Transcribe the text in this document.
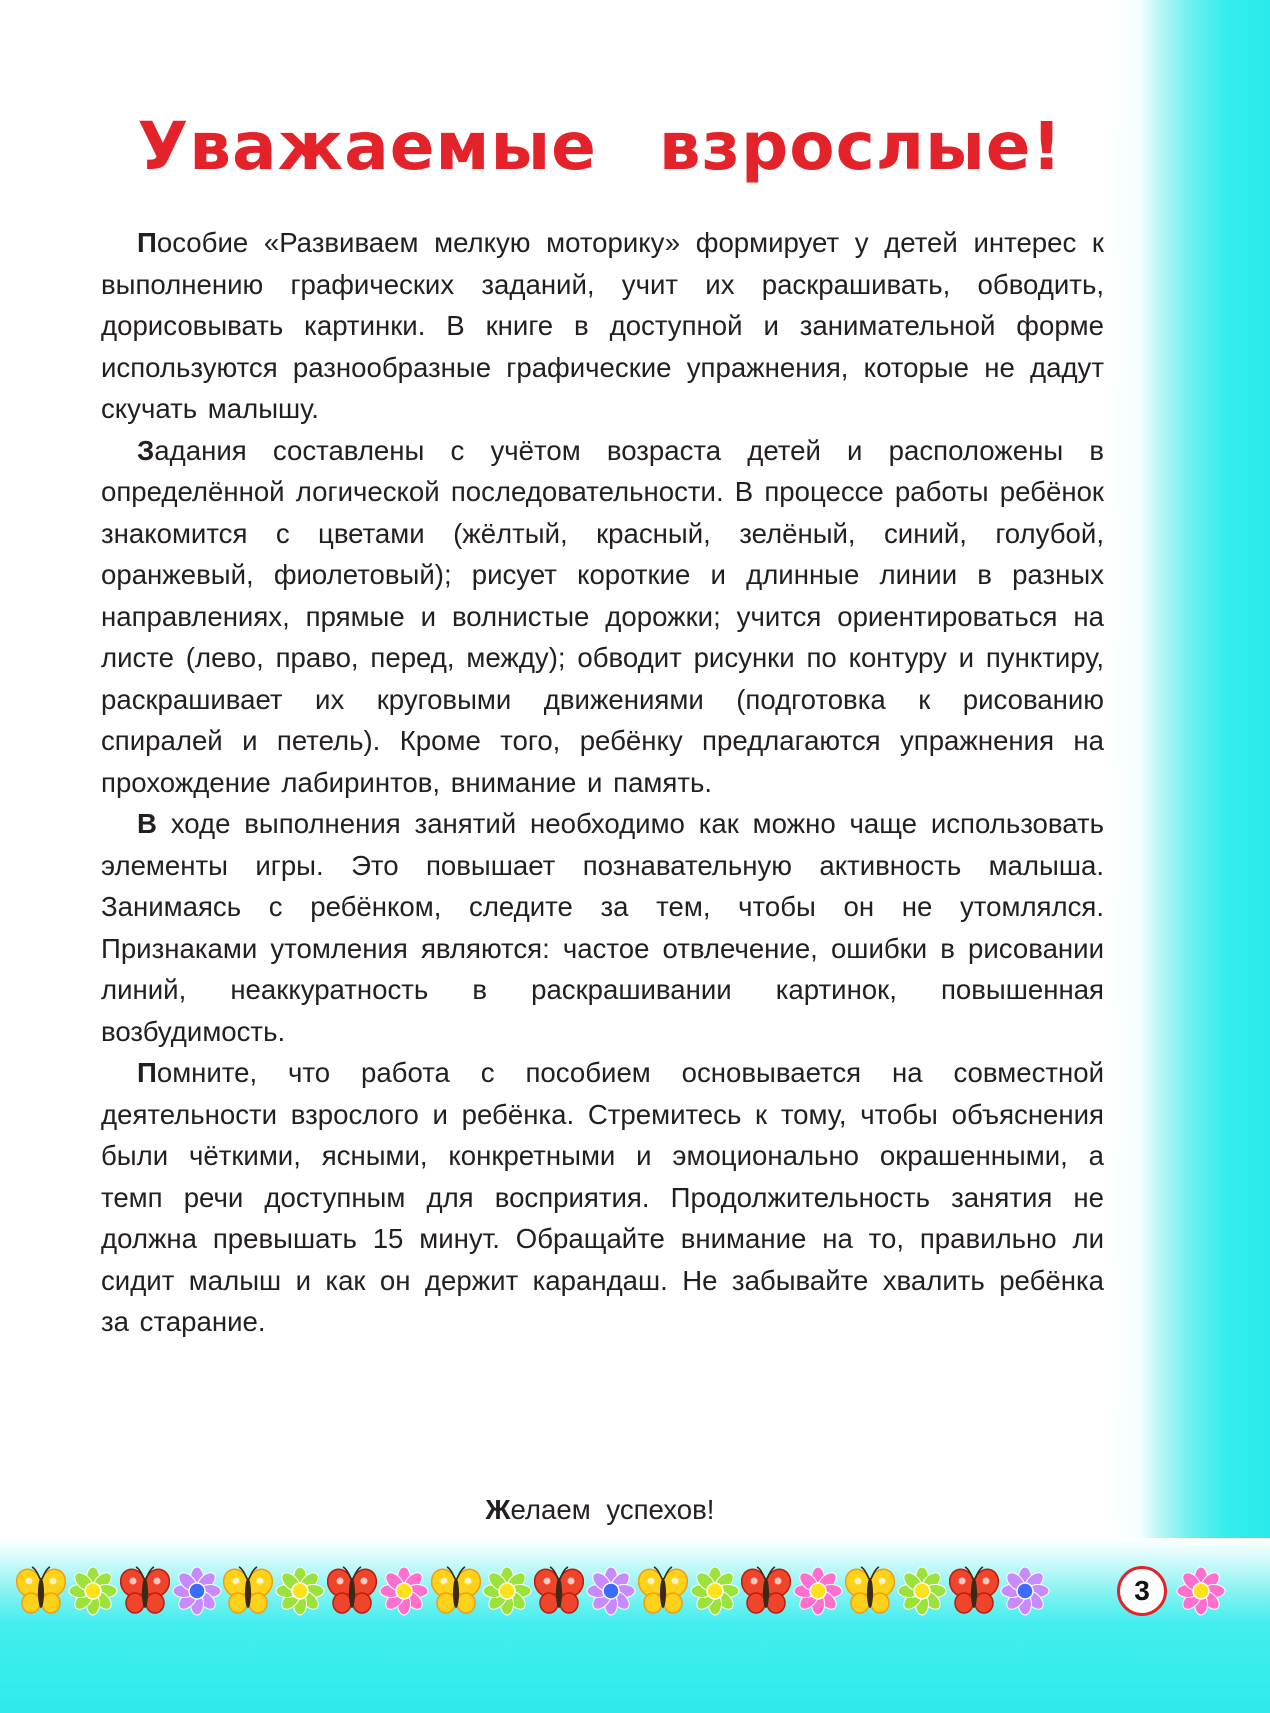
Уважаемые взрослые!

Пособие «Развиваем мелкую моторику» формирует у детей интерес к выполнению графических заданий, учит их раскрашивать, обводить, дорисовывать картинки. В книге в доступной и занимательной форме используются разнообразные графические упражнения, которые не дадут скучать малышу.

Задания составлены с учётом возраста детей и расположены в определённой логической последовательности. В процессе работы ребёнок знакомится с цветами (жёлтый, красный, зелёный, синий, голубой, оранжевый, фиолетовый); рисует короткие и длинные линии в разных направлениях, прямые и волнистые дорожки; учится ориентироваться на листе (лево, право, перед, между); обводит рисунки по контуру и пунктиру, раскрашивает их круговыми движениями (подготовка к рисованию спиралей и петель). Кроме того, ребёнку предлагаются упражнения на прохождение лабиринтов, внимание и память.

В ходе выполнения занятий необходимо как можно чаще использовать элементы игры. Это повышает познавательную активность малыша. Занимаясь с ребёнком, следите за тем, чтобы он не утомлялся. Признаками утомления являются: частое отвлечение, ошибки в рисовании линий, неаккуратность в раскрашивании картинок, повышенная возбудимость.

Помните, что работа с пособием основывается на совместной деятельности взрослого и ребёнка. Стремитесь к тому, чтобы объяснения были чёткими, ясными, конкретными и эмоционально окрашенными, а темп речи доступным для восприятия. Продолжительность занятия не должна превышать 15 минут. Обращайте внимание на то, правильно ли сидит малыш и как он держит карандаш. Не забывайте хвалить ребёнка за старание.

Желаем успехов!
3
